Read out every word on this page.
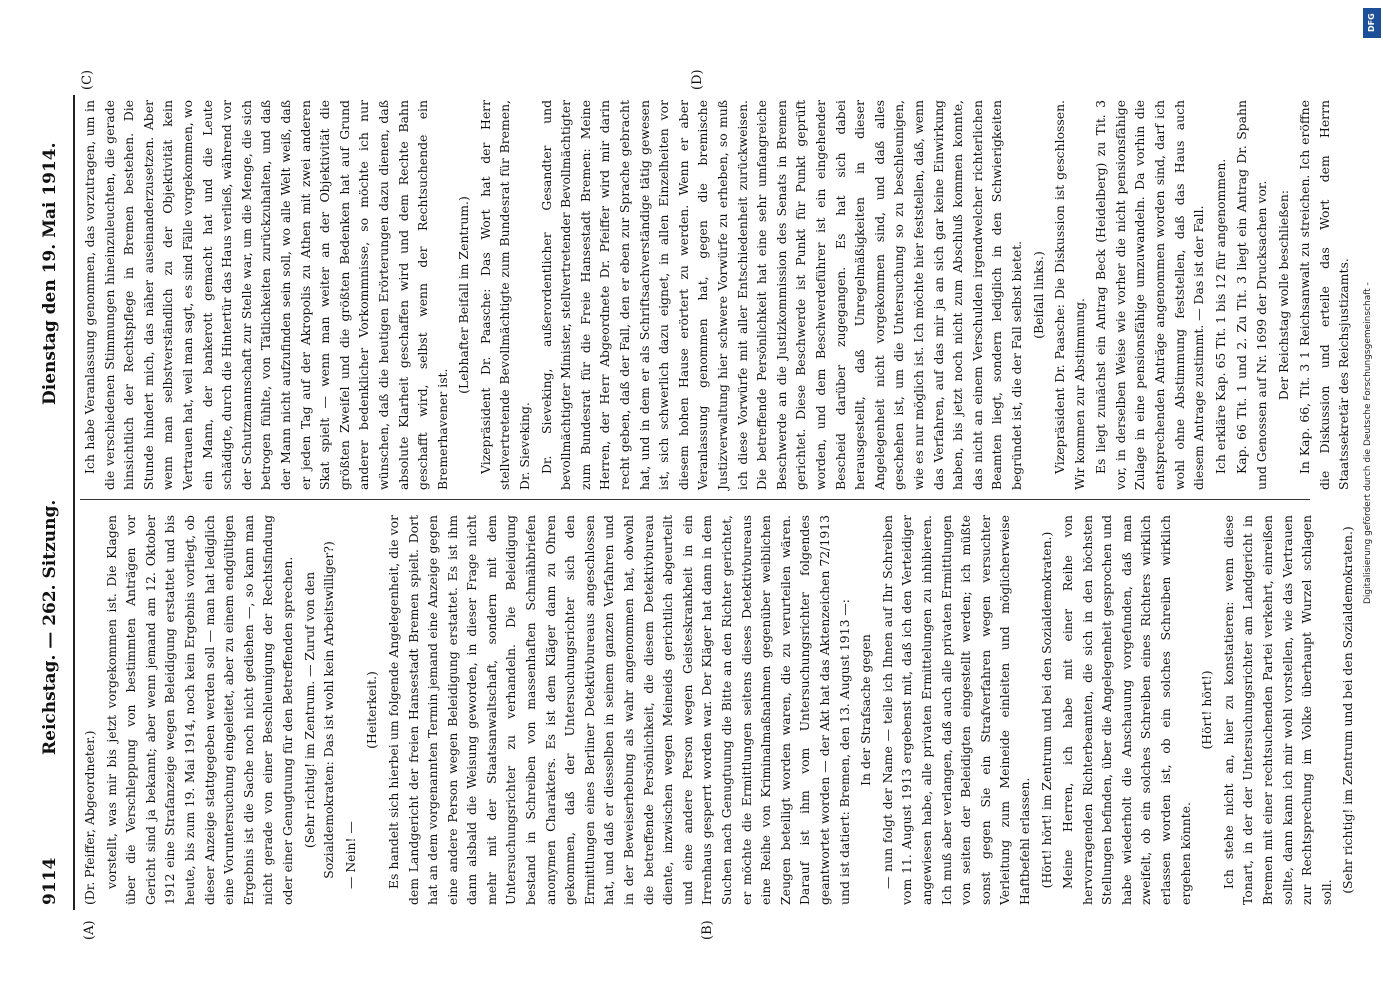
9114
Reichstag. — 262. Sitzung.
Dienstag den 19. Mai 1914.
(A)	(B)
(C)	(D)

(Dr. Pfeiffer, Abgeordneter.) vorstellt, was mir bis jetzt vorgekommen ist. Die Klagen über die Verschleppung von bestimmten Anträgen vor Gericht sind ja bekannt; aber wenn jemand am 12. Oktober 1912 eine Strafanzeige wegen Beleidigung erstattet und bis heute, bis zum 19. Mai 1914, noch kein Ergebnis vorliegt, ob dieser Anzeige stattgegeben werden soll — man hat lediglich eine Voruntersuchung eingeleitet, aber zu einem endgültigen Ergebnis ist die Sache noch nicht gediehen —, so kann man nicht gerade von einer Beschleunigung der Rechtsfindung oder einer Genugtuung für den Betreffenden sprechen. (Sehr richtig! im Zentrum. — Zuruf von den Sozialdemokraten: Das ist wohl kein Arbeitswilliger?) — Nein! —

(Heiterkeit.) Es handelt sich hierbei um folgende Angelegenheit, die vor dem Landgericht der freien Hansestadt Bremen spielt. Dort hat an dem vorgenannten Termin jemand eine Anzeige gegen eine andere Person wegen Beleidigung erstattet. Es ist ihm dann alsbald die Weisung geworden, in dieser Frage nicht mehr mit der Staatsanwaltschaft, sondern mit dem Untersuchungsrichter zu verhandeln. Die Beleidigung bestand in Schreiben von massenhaften Schmähbriefen anonymen Charakters. Es ist dem Kläger dann zu Ohren gekommen, daß der Untersuchungsrichter sich den Ermittlungen eines Berliner Detektivbureaus angeschlossen hat, und daß er diesselben in seinem ganzen Verfahren und in der Beweiserhebung als wahr angenommen hat, obwohl die betreffende Persönlichkeit, die diesem Detektivbureau diente, inzwischen wegen Meineids gerichtlich abgeurteilt und eine andere Person wegen Geisteskrankheit in ein Irrenhaus gesperrt worden war. Der Kläger hat dann in dem Suchen nach Genugtuung die Bitte an den Richter gerichtet, er möchte die Ermittlungen seitens dieses Detektivbureaus eine Reihe von Kriminalmaßnahmen gegenüber weiblichen Zeugen beteiligt worden waren, die zu verurteilen wären. Darauf ist ihm vom Untersuchungsrichter folgendes geantwortet worden — der Akt hat das Aktenzeichen 72/1913 und ist datiert: Bremen, den 13. August 1913 —: In der Strafsache gegen — nun folgt der Name — teile ich Ihnen auf Ihr Schreiben vom 11. August 1913 ergebenst mit, daß ich den Verteidiger angewiesen habe, alle privaten Ermittelungen zu inhibieren. Ich muß aber verlangen, daß auch alle privaten Ermittlungen von seiten der Beleidigten eingestellt werden; ich müßte sonst gegen Sie ein Strafverfahren wegen versuchter Verleitung zum Meineide einleiten und möglicherweise Haftbefehl erlassen. (Hört! hört! im Zentrum und bei den Sozialdemokraten.) Meine Herren, ich habe mit einer Reihe von hervorragenden Richterbeamten, die sich in den höchsten Stellungen befinden, über die Angelegenheit gesprochen und habe wiederholt die Anschauung vorgefunden, daß man zweifelt, ob ein solches Schreiben eines Richters wirklich erlassen worden ist, ob ein solches Schreiben wirklich ergehen könnte.

(Hört! hört!) Ich stehe nicht an, hier zu konstatieren: wenn diese Tonart, in der der Untersuchungsrichter am Landgericht in Bremen mit einer rechtsuchenden Partei verkehrt, einreißen sollte, dann kann ich mir wohl vorstellen, wie das Vertrauen zur Rechtsprechung im Volke überhaupt Wurzel schlagen soll. (Sehr richtig! im Zentrum und bei den Sozialdemokraten.)

Ich habe Veranlassung genommen, das vorzutragen, um in die verschiedenen Stimmungen hineinzuleuchten, die gerade hinsichtlich der Rechtspflege in Bremen bestehen. Die Stunde hindert mich, das näher auseinanderzusetzen. Aber wenn man selbstverständlich zu der Objektivität kein Vertrauen hat, weil man sagt, es sind Fälle vorgekommen, wo ein Mann, der bankerott gemacht hat und die Leute schädigte, durch die Hintertür das Haus verließ, während vor der Schutzmannschaft zur Stelle war, um die Menge, die sich betrogen fühlte, von Tätlichkeiten zurückzuhalten, und daß der Mann nicht aufzufinden sein soll, wo alle Welt weiß, daß er jeden Tag auf der Akropolis zu Athen mit zwei anderen Skat spielt — wenn man weiter an der Objektivität die größten Zweifel und die größten Bedenken hat auf Grund anderer bedenklicher Vorkommnisse, so möchte ich nur wünschen, daß die heutigen Erörterungen dazu dienen, daß absolute Klarheit geschaffen wird und dem Rechte Bahn geschafft wird, selbst wenn der Rechtsuchende ein Bremerhavener ist.

(Lebhafter Beifall im Zentrum.) Vizepräsident Dr. Paasche: Das Wort hat der Herr stellvertretende Bevollmächtigte zum Bundesrat für Bremen, Dr. Sieveking. Dr. Sieveking, außerordentlicher Gesandter und bevollmächtigter Minister, stellvertretender Bevollmächtigter zum Bundesrat für die Freie Hansestadt Bremen: Meine Herren, der Herr Abgeordnete Dr. Pfeiffer wird mir darin recht geben, daß der Fall, den er eben zur Sprache gebracht hat, und in dem er als Schriftsachverständige tätig gewesen ist, sich schwerlich dazu eignet, in allen Einzelheiten vor diesem hohen Hause erörtert zu werden. Wenn er aber Veranlassung genommen hat, gegen die bremische Justizverwaltung hier schwere Vorwürfe zu erheben, so muß ich diese Vorwürfe mit aller Entschiedenheit zurückweisen. Die betreffende Persönlichkeit hat eine sehr umfangreiche Beschwerde an die Justizkommission des Senats in Bremen gerichtet. Diese Beschwerde ist Punkt für Punkt geprüft worden, und dem Beschwerdeführer ist ein eingehender Bescheid darüber zugegangen. Es hat sich dabei herausgestellt, daß Unregelmäßigkeiten in dieser Angelegenheit nicht vorgekommen sind, und daß alles geschehen ist, um die Untersuchung so zu beschleunigen, wie es nur möglich ist. Ich möchte hier feststellen, daß, wenn das Verfahren, auf das mir ja an sich gar keine Einwirkung haben, bis jetzt noch nicht zum Abschluß kommen konnte, das nicht an einem Verschulden irgendwelcher richterlichen Beamten liegt, sondern lediglich in den Schwierigkeiten begründet ist, die der Fall selbst bietet. (Beifall links.) Vizepräsident Dr. Paasche: Die Diskussion ist geschlossen. Wir kommen zur Abstimmung. Es liegt zunächst ein Antrag Beck (Heidelberg) zu Tit. 3 vor, in derselben Weise wie vorher die nicht pensionsfähige Zulage in eine pensionsfähige umzuwandeln. Da vorhin die entsprechenden Anträge angenommen worden sind, darf ich wohl ohne Abstimmung feststellen, daß das Haus auch diesem Antrage zustimmt. — Das ist der Fall. Ich erkläre Kap. 65 Tit. 1 bis 12 für angenommen. Kap. 66 Tit. 1 und 2. Zu Tit. 3 liegt ein Antrag Dr. Spahn und Genossen auf Nr. 1699 der Drucksachen vor. Der Reichstag wolle beschließen: In Kap. 66, Tit. 3 1 Reichsanwalt zu streichen. Ich eröffne die Diskussion und erteile das Wort dem Herrn Staatssekretär des Reichsjustizamts.

DFG
Digitalisierung gefördert durch die Deutsche Forschungsgemeinschaft -
